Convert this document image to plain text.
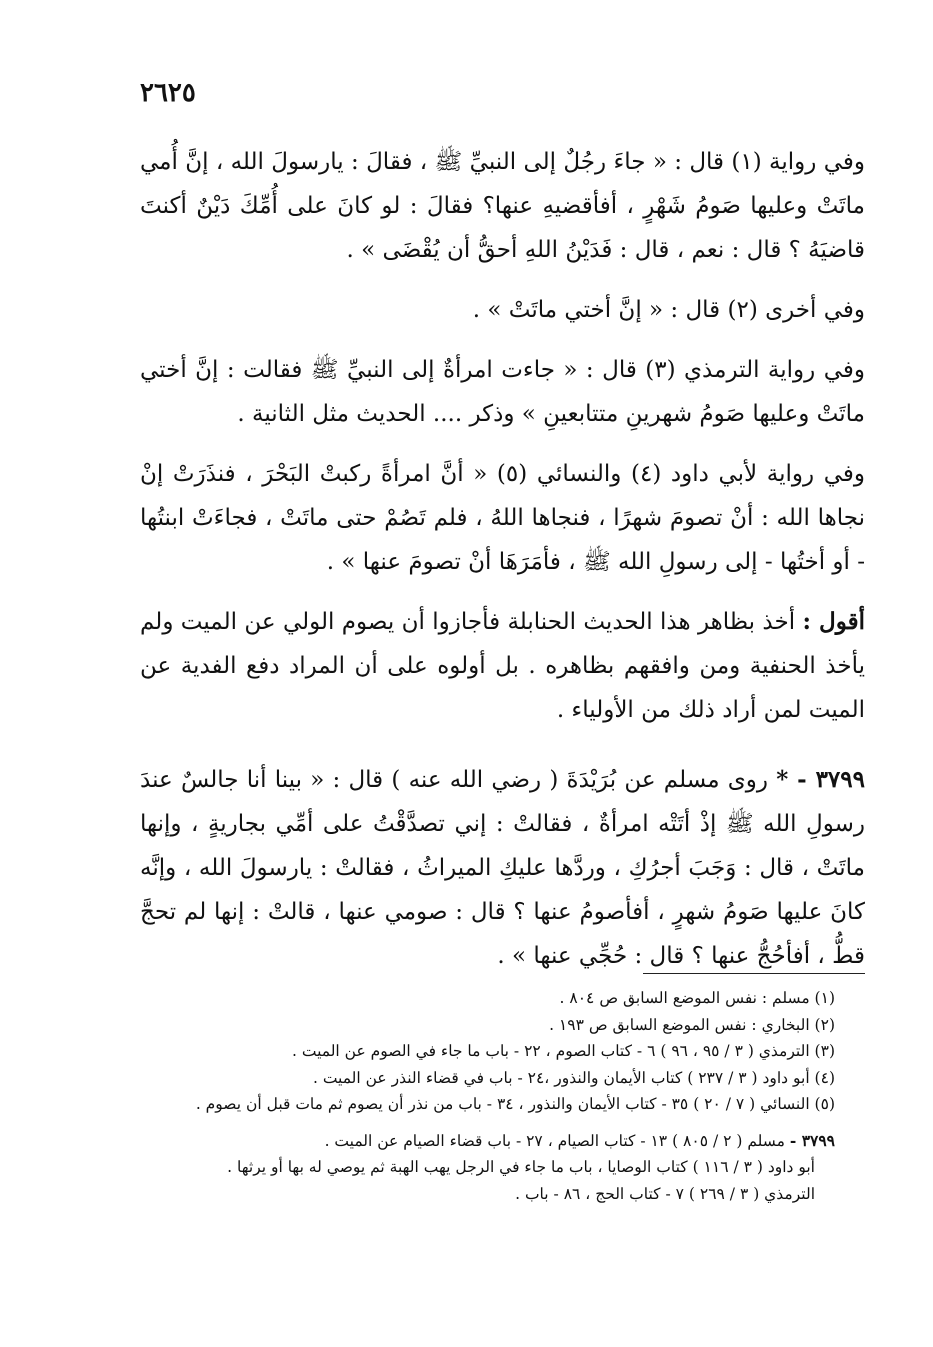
٢٦٢٥

وفي رواية (١) قال : « جاءَ رجُلٌ إلى النبيِّ ﷺ ، فقالَ : يارسولَ الله ، إنَّ أُمي ماتَتْ وعليها صَومُ شَهْرٍ ، أفأقضيهِ عنها؟ فقالَ : لو كانَ على أُمِّكَ دَيْنٌ أكنتَ قاضيَهُ ؟ قال : نعم ، قال : فَدَيْنُ اللهِ أحقُّ أن يُقْضَى » .

وفي أخرى (٢) قال : « إنَّ أختي ماتَتْ » .

وفي رواية الترمذي (٣) قال : « جاءت امرأةٌ إلى النبيِّ ﷺ فقالت : إنَّ أختي ماتَتْ وعليها صَومُ شهرينِ متتابعينِ » وذكر .... الحديث مثل الثانية .

وفي رواية لأبي داود (٤) والنسائي (٥) « أنَّ امرأةً ركبتْ البَحْرَ ، فنذَرَتْ إنْ نجاها الله : أنْ تصومَ شهرًا ، فنجاها اللهُ ، فلم تَصُمْ حتى ماتَتْ ، فجاءَتْ ابنتُها - أو أختُها - إلى رسولِ الله ﷺ ، فأمَرَهَا أنْ تصومَ عنها » .

أقول : أخذ بظاهر هذا الحديث الحنابلة فأجازوا أن يصوم الولي عن الميت ولم يأخذ الحنفية ومن وافقهم بظاهره . بل أولوه على أن المراد دفع الفدية عن الميت لمن أراد ذلك من الأولياء .

٣٧٩٩ - * روى مسلم عن بُرَيْدَةَ ( رضي الله عنه ) قال : « بينا أنا جالسٌ عندَ رسولِ الله ﷺ إذْ أتَتْه امرأةٌ ، فقالتْ : إني تصدَّقْتُ على أمِّي بجاريةٍ ، وإنها ماتَتْ ، قال : وَجَبَ أجرُكِ ، وردَّها عليكِ الميراثُ ، فقالتْ : يارسولَ الله ، وإنَّه كانَ عليها صَومُ شهرٍ ، أفأصومُ عنها ؟ قال : صومي عنها ، قالتْ : إنها لم تحجَّ قطُّ ، أفأحُجُّ عنها ؟ قال : حُجِّي عنها » .

(١) مسلم : نفس الموضع السابق ص ٨٠٤ .

(٢) البخاري : نفس الموضع السابق ص ١٩٣ .

(٣) الترمذي ( ٣ / ٩٥ ، ٩٦ ) ٦ - كتاب الصوم ، ٢٢ - باب ما جاء في الصوم عن الميت .

(٤) أبو داود ( ٣ / ٢٣٧ ) كتاب الأيمان والنذور ،٢٤ - باب في قضاء النذر عن الميت .

(٥) النسائي ( ٧ / ٢٠ ) ٣٥ - كتاب الأيمان والنذور ، ٣٤ - باب من نذر أن يصوم ثم مات قبل أن يصوم .

٣٧٩٩ - مسلم ( ٢ / ٨٠٥ ) ١٣ - كتاب الصيام ، ٢٧ - باب قضاء الصيام عن الميت .

أبو داود ( ٣ / ١١٦ ) كتاب الوصايا ، باب ما جاء في الرجل يهب الهبة ثم يوصي له بها أو يرثها .

الترمذي ( ٣ / ٢٦٩ ) ٧ - كتاب الحج ، ٨٦ - باب .
